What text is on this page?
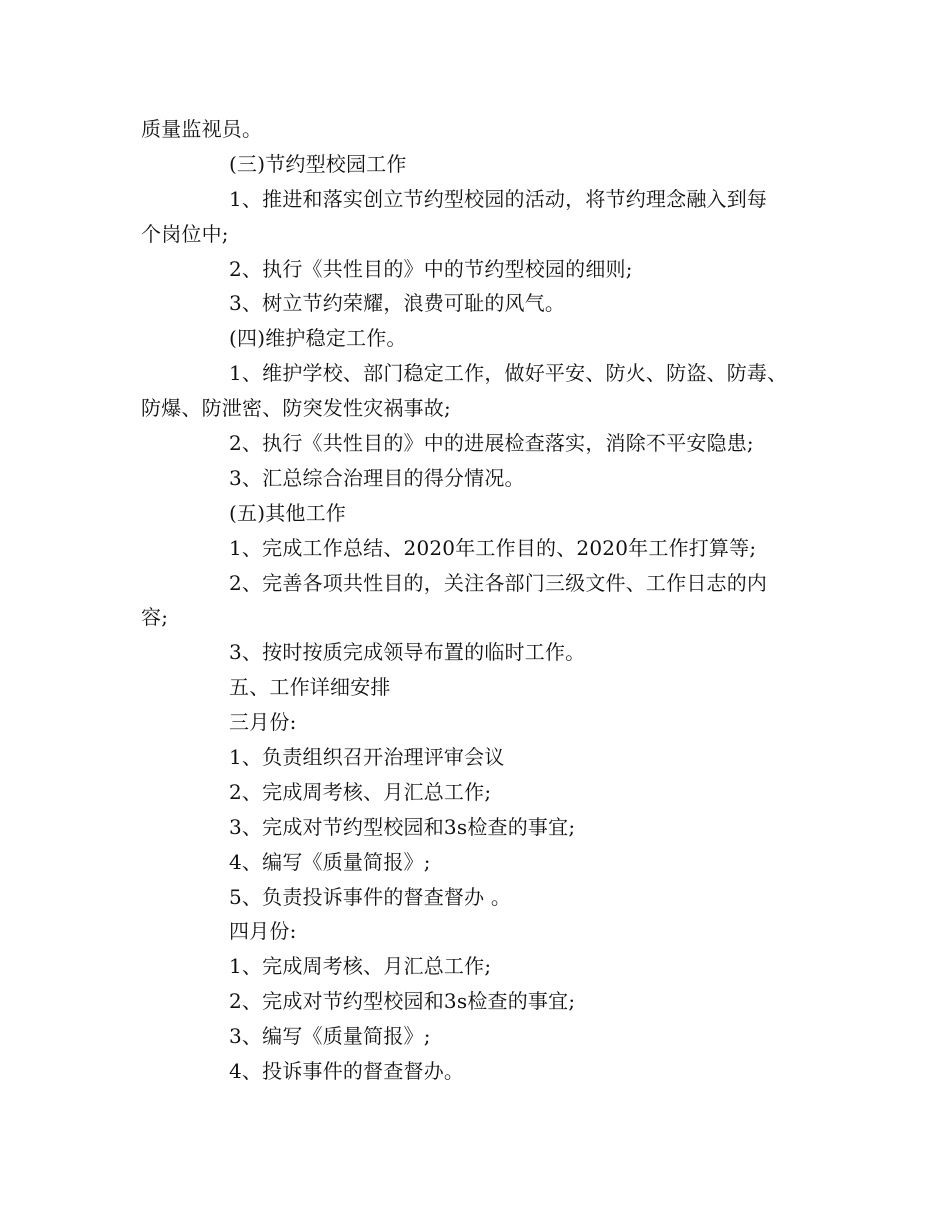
质量监视员。
(三)节约型校园工作
1、推进和落实创立节约型校园的活动，将节约理念融入到每
个岗位中;
2、执行《共性目的》中的节约型校园的细则;
3、树立节约荣耀，浪费可耻的风气。
(四)维护稳定工作。
1、维护学校、部门稳定工作，做好平安、防火、防盗、防毒、
防爆、防泄密、防突发性灾祸事故;
2、执行《共性目的》中的进展检查落实，消除不平安隐患;
3、汇总综合治理目的得分情况。
(五)其他工作
1、完成工作总结、2020年工作目的、2020年工作打算等;
2、完善各项共性目的，关注各部门三级文件、工作日志的内
容;
3、按时按质完成领导布置的临时工作。
五、工作详细安排
三月份:
1、负责组织召开治理评审会议
2、完成周考核、月汇总工作;
3、完成对节约型校园和3s检查的事宜;
4、编写《质量简报》;
5、负责投诉事件的督查督办 。
四月份:
1、完成周考核、月汇总工作;
2、完成对节约型校园和3s检查的事宜;
3、编写《质量简报》;
4、投诉事件的督查督办。
